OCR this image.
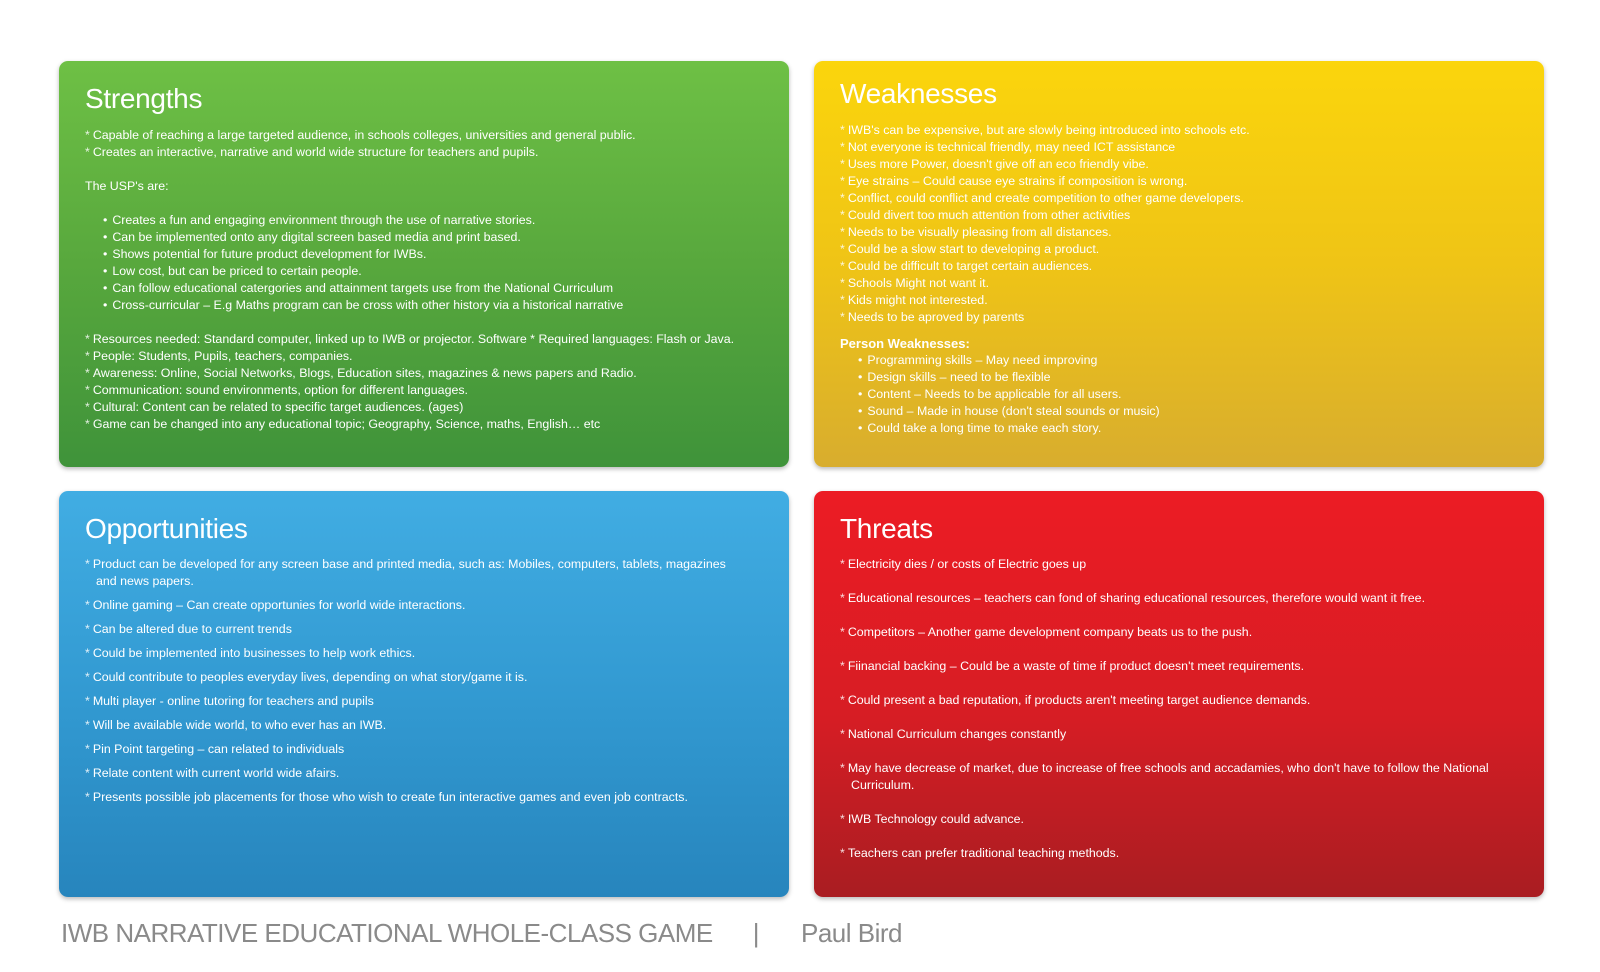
Strengths
* Capable of reaching a large targeted audience, in schools colleges, universities and general public.
* Creates an interactive, narrative and world wide structure for teachers and pupils.
The USP's are:
• Creates a fun and engaging environment through the use of narrative stories.
• Can be implemented onto any digital screen based media and print based.
• Shows potential for future product development for IWBs.
• Low cost, but can be priced to certain people.
• Can follow educational catergories and attainment targets use from the National Curriculum
• Cross-curricular – E.g Maths program can be cross with other history via a historical narrative
* Resources needed: Standard computer, linked up to IWB or projector. Software * Required languages: Flash or Java.
* People: Students, Pupils, teachers, companies.
* Awareness: Online, Social Networks, Blogs, Education sites, magazines & news papers and Radio.
* Communication: sound environments, option for different languages.
* Cultural: Content can be related to specific target audiences. (ages)
* Game can be changed into any educational topic; Geography, Science, maths, English… etc
Weaknesses
* IWB's can be expensive, but are slowly being introduced into schools etc.
* Not everyone is technical friendly, may need ICT assistance
* Uses more Power, doesn't give off an eco friendly vibe.
* Eye strains – Could cause eye strains if composition is wrong.
* Conflict, could conflict and create competition to other game developers.
* Could divert too much attention from other activities
* Needs to be visually pleasing from all distances.
* Could be a slow start to developing a product.
* Could be difficult to target certain audiences.
* Schools Might not want it.
* Kids might not interested.
* Needs to be aproved by parents
Person Weaknesses:
• Programming skills – May need improving
• Design skills – need to be flexible
• Content – Needs to be applicable for all users.
• Sound – Made in house (don't steal sounds or music)
• Could take a long time to make each story.
Opportunities
* Product can be developed for any screen base and printed media, such as: Mobiles, computers, tablets, magazines and news papers.
* Online gaming – Can create opportunies for world wide interactions.
* Can be altered due to current trends
* Could be implemented into businesses to help work ethics.
* Could contribute to peoples everyday lives, depending on what story/game it is.
* Multi player - online tutoring for teachers and pupils
* Will be available wide world, to who ever has an IWB.
* Pin Point targeting – can related to individuals
* Relate content with current world wide afairs.
* Presents possible job placements for those who wish to create fun interactive games and even job contracts.
Threats
* Electricity dies / or costs of Electric goes up
* Educational resources – teachers can fond of sharing educational resources, therefore would want it free.
* Competitors – Another game development company beats us to the push.
* Fiinancial backing – Could be a waste of time if product doesn't meet requirements.
* Could present a bad reputation, if products aren't meeting target audience demands.
* National Curriculum changes constantly
* May have decrease of market, due to increase of free schools and accadamies, who don't have to follow the National Curriculum.
* IWB Technology could advance.
* Teachers can prefer traditional teaching methods.
IWB NARRATIVE EDUCATIONAL WHOLE-CLASS GAME | Paul Bird
